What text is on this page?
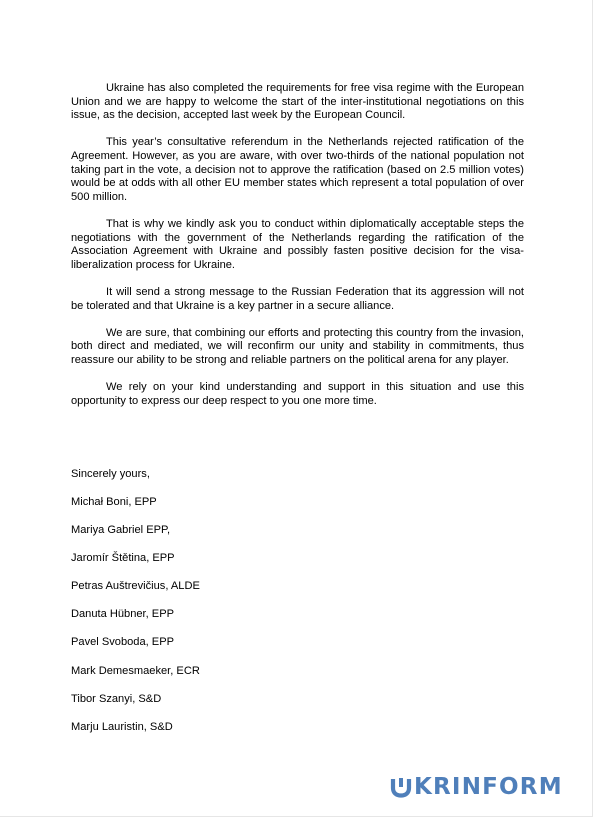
Ukraine has also completed the requirements for free visa regime with the European Union and we are happy to welcome the start of the inter-institutional negotiations on this issue, as the decision, accepted last week by the European Council.

This year’s consultative referendum in the Netherlands rejected ratification of the Agreement. However, as you are aware, with over two-thirds of the national population not taking part in the vote, a decision not to approve the ratification (based on 2.5 million votes) would be at odds with all other EU member states which represent a total population of over 500 million.

That is why we kindly ask you to conduct within diplomatically acceptable steps the negotiations with the government of the Netherlands regarding the ratification of the Association Agreement with Ukraine and possibly fasten positive decision for the visa-liberalization process for Ukraine.

It will send a strong message to the Russian Federation that its aggression will not be tolerated and that Ukraine is a key partner in a secure alliance.

We are sure, that combining our efforts and protecting this country from the invasion, both direct and mediated, we will reconfirm our unity and stability in commitments, thus reassure our ability to be strong and reliable partners on the political arena for any player.

We rely on your kind understanding and support in this situation and use this opportunity to express our deep respect to you one more time.

Sincerely yours,

Michał Boni, EPP
Mariya Gabriel EPP,
Jaromír Štětina, EPP
Petras Auštrevičius, ALDE
Danuta Hübner, EPP
Pavel Svoboda, EPP
Mark Demesmaeker, ECR
Tibor Szanyi, S&D
Marju Lauristin, S&D
KRINFORM
